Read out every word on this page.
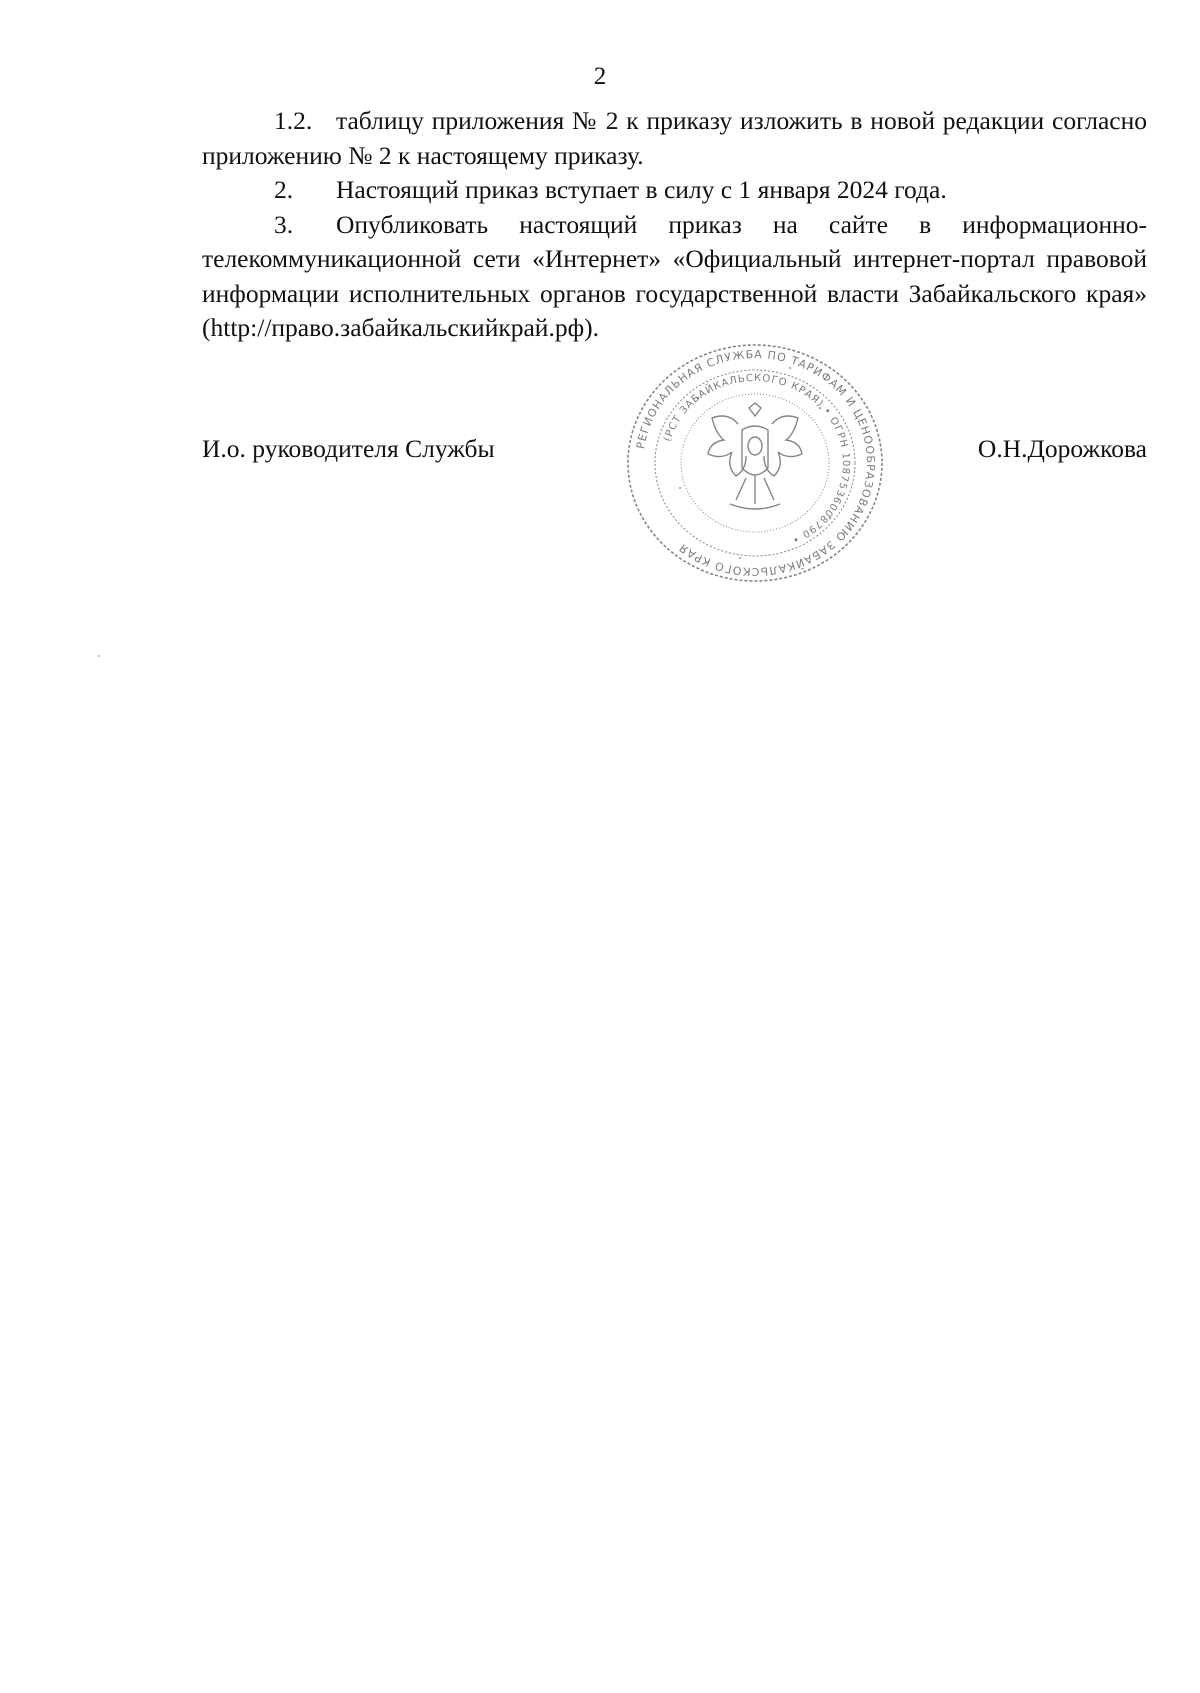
2

1.2. таблицу приложения № 2 к приказу изложить в новой редакции согласно приложению № 2 к настоящему приказу.

2. Настоящий приказ вступает в силу с 1 января 2024 года.

3. Опубликовать настоящий приказ на сайте в информационно-телекоммуникационной сети «Интернет» «Официальный интернет-портал правовой информации исполнительных органов государственной власти Забайкальского края» (http://право.забайкальскийкрай.рф).

И.о. руководителя Службы	О.Н.Дорожкова
РЕГИОНАЛЬНАЯ СЛУЖБА ПО ТАРИФАМ И ЦЕНООБРАЗОВАНИЮ ЗАБАЙКАЛЬСКОГО КРАЯ
(РСТ ЗАБАЙКАЛЬСКОГО КРАЯ) • ОГРН 1087536008790 •
